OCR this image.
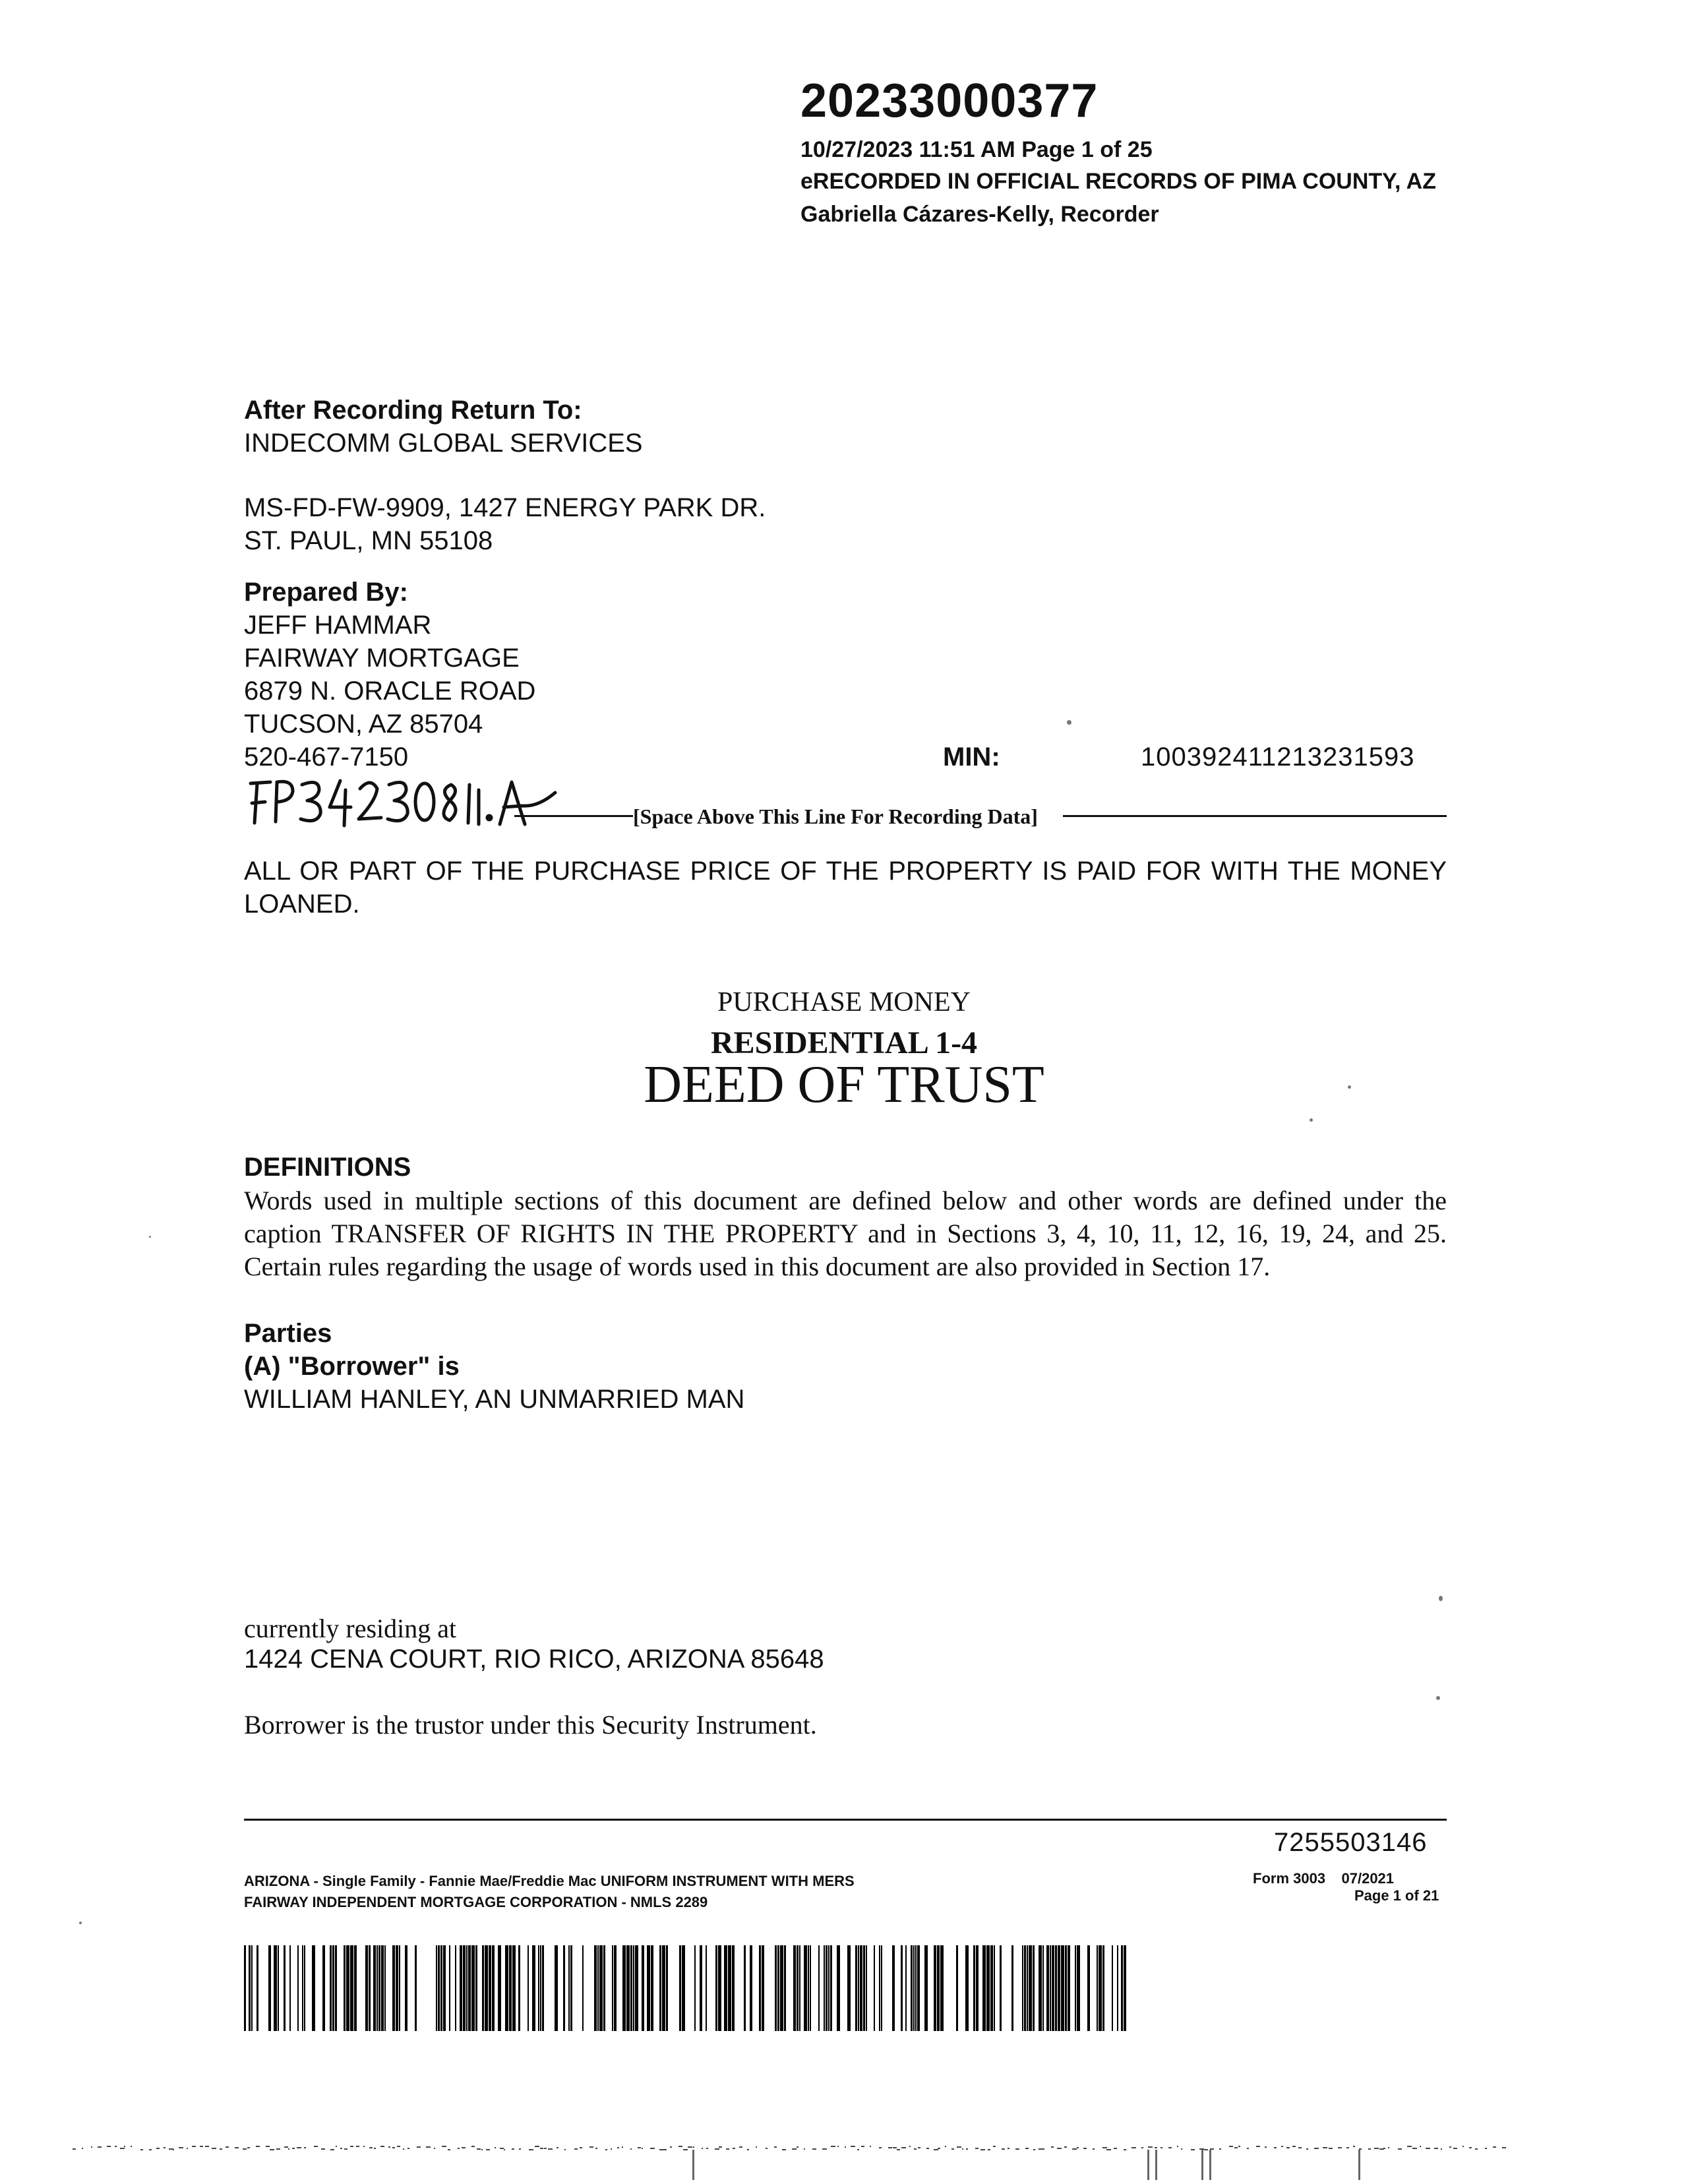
20233000377
10/27/2023 11:51 AM Page 1 of 25
eRECORDED IN OFFICIAL RECORDS OF PIMA COUNTY, AZ
Gabriella Cázares-Kelly, Recorder
After Recording Return To:
INDECOMM GLOBAL SERVICES
MS-FD-FW-9909, 1427 ENERGY PARK DR.
ST. PAUL, MN 55108
Prepared By:
JEFF HAMMAR
FAIRWAY MORTGAGE
6879 N. ORACLE ROAD
TUCSON, AZ 85704
520-467-7150	MIN:	100392411213231593
[Space Above This Line For Recording Data]
ALL OR PART OF THE PURCHASE PRICE OF THE PROPERTY IS PAID FOR WITH THE MONEY LOANED.
PURCHASE MONEY
RESIDENTIAL 1-4
DEED OF TRUST
DEFINITIONS
Words used in multiple sections of this document are defined below and other words are defined under the caption TRANSFER OF RIGHTS IN THE PROPERTY and in Sections 3, 4, 10, 11, 12, 16, 19, 24, and 25. Certain rules regarding the usage of words used in this document are also provided in Section 17.
Parties
(A) "Borrower" is
WILLIAM HANLEY, AN UNMARRIED MAN
currently residing at
1424 CENA COURT, RIO RICO, ARIZONA 85648
Borrower is the trustor under this Security Instrument.
7255503146
ARIZONA - Single Family - Fannie Mae/Freddie Mac UNIFORM INSTRUMENT WITH MERS
FAIRWAY INDEPENDENT MORTGAGE CORPORATION - NMLS 2289
Form 3003    07/2021
Page 1 of 21
